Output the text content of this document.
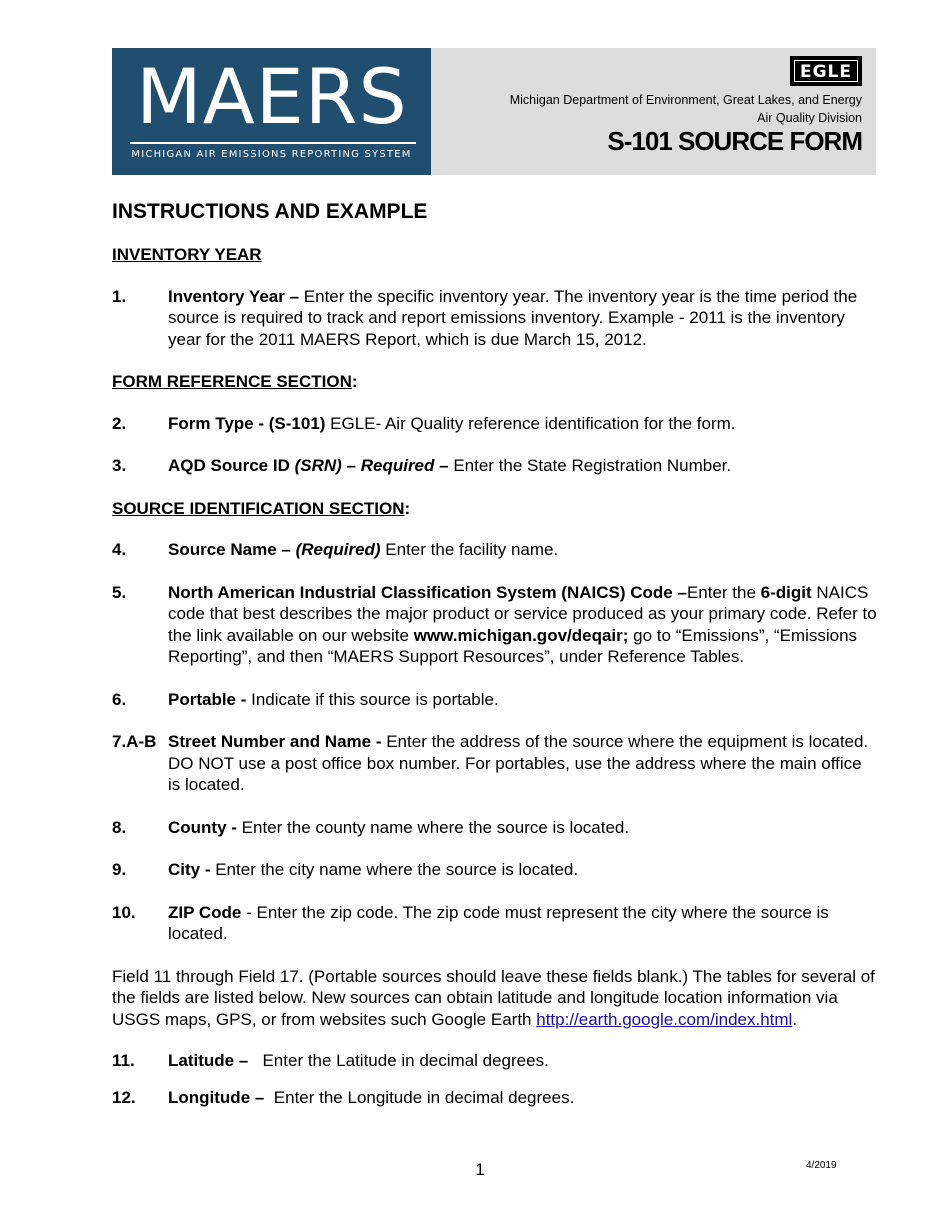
MAERS
MICHIGAN AIR EMISSIONS REPORTING SYSTEM
EGLE
Michigan Department of Environment, Great Lakes, and Energy
Air Quality Division
S-101 SOURCE FORM
INSTRUCTIONS AND EXAMPLE
INVENTORY YEAR
1.	Inventory Year – Enter the specific inventory year. The inventory year is the time period the source is required to track and report emissions inventory. Example - 2011 is the inventory year for the 2011 MAERS Report, which is due March 15, 2012.
FORM REFERENCE SECTION:
2.	Form Type - (S-101) EGLE- Air Quality reference identification for the form.
3.	AQD Source ID (SRN) – Required – Enter the State Registration Number.
SOURCE IDENTIFICATION SECTION:
4.	Source Name – (Required) Enter the facility name.
5.	North American Industrial Classification System (NAICS) Code –Enter the 6-digit NAICS code that best describes the major product or service produced as your primary code. Refer to the link available on our website www.michigan.gov/deqair; go to “Emissions”, “Emissions Reporting”, and then “MAERS Support Resources”, under Reference Tables.
6.	Portable - Indicate if this source is portable.
7.A-B Street Number and Name - Enter the address of the source where the equipment is located. DO NOT use a post office box number. For portables, use the address where the main office is located.
8.	County - Enter the county name where the source is located.
9.	City - Enter the city name where the source is located.
10.	ZIP Code - Enter the zip code. The zip code must represent the city where the source is located.
Field 11 through Field 17. (Portable sources should leave these fields blank.) The tables for several of the fields are listed below. New sources can obtain latitude and longitude location information via USGS maps, GPS, or from websites such Google Earth http://earth.google.com/index.html.
11.	Latitude –   Enter the Latitude in decimal degrees.
12.	Longitude –  Enter the Longitude in decimal degrees.
1	4/2019
